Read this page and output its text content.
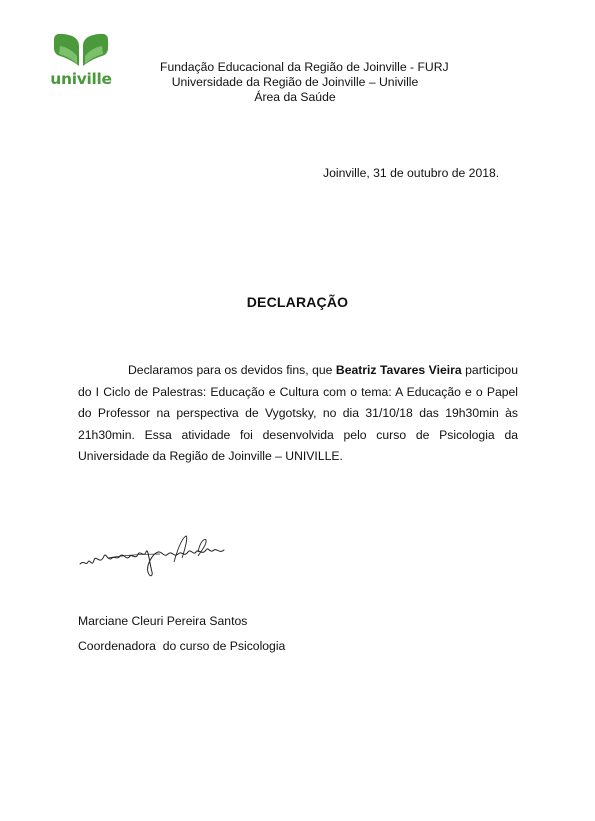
univille
Fundação Educacional da Região de Joinville - FURJ
Universidade da Região de Joinville – Univille
Área da Saúde
Joinville, 31 de outubro de 2018.
DECLARAÇÃO

Declaramos para os devidos fins, que Beatriz Tavares Vieira participou do I Ciclo de Palestras: Educação e Cultura com o tema: A Educação e o Papel do Professor na perspectiva de Vygotsky, no dia 31/10/18 das 19h30min às 21h30min. Essa atividade foi desenvolvida pelo curso de Psicologia da Universidade da Região de Joinville – UNIVILLE.

Marciane Cleuri Pereira Santos
Coordenadora  do curso de Psicologia
